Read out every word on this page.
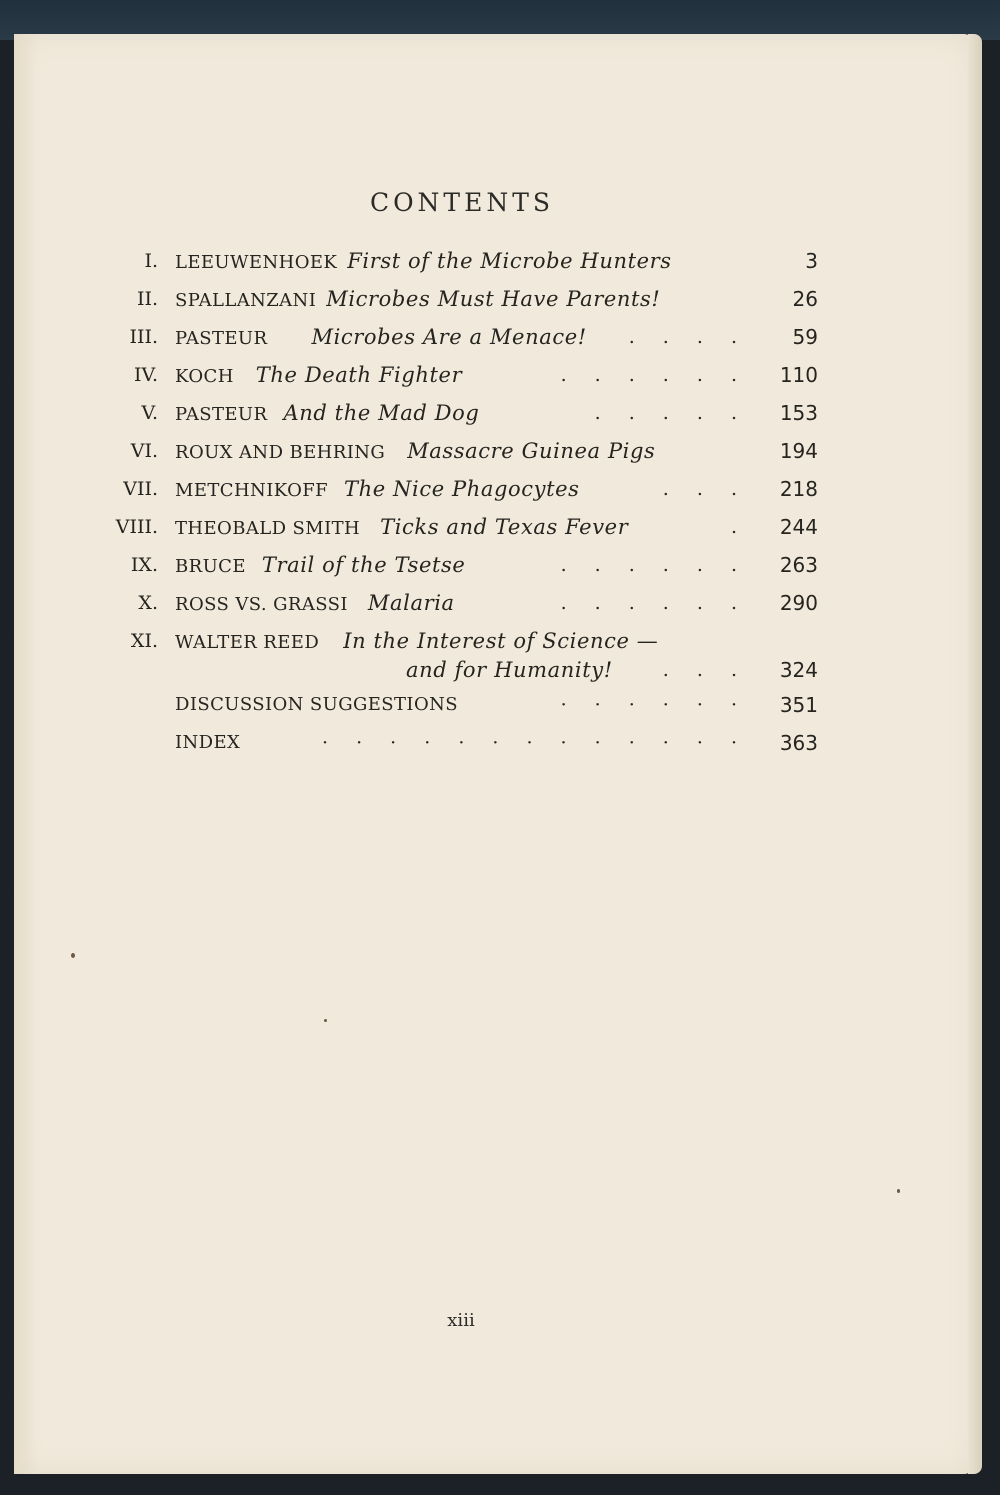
CONTENTS
I. LEEUWENHOEK First of the Microbe Hunters	3
II. SPALLANZANI Microbes Must Have Parents!	26
III. PASTEUR Microbes Are a Menace! . . . .	59
IV. KOCH The Death Fighter	. . . . . .	110
V. PASTEUR And the Mad Dog	. . . . .	153
VI. ROUX AND BEHRING Massacre Guinea Pigs	194
VII. METCHNIKOFF The Nice Phagocytes	. . .	218
VIII. THEOBALD SMITH Ticks and Texas Fever	.	244
IX. BRUCE Trail of the Tsetse	. . . . . .	263
X. ROSS VS. GRASSI Malaria	. . . . . .	290
XI. WALTER REED In the Interest of Science —
and for Humanity!	. . .	324
DISCUSSION SUGGESTIONS	· · · · · ·	351
INDEX	· · · · · · · · · · · · ·	363
xiii
